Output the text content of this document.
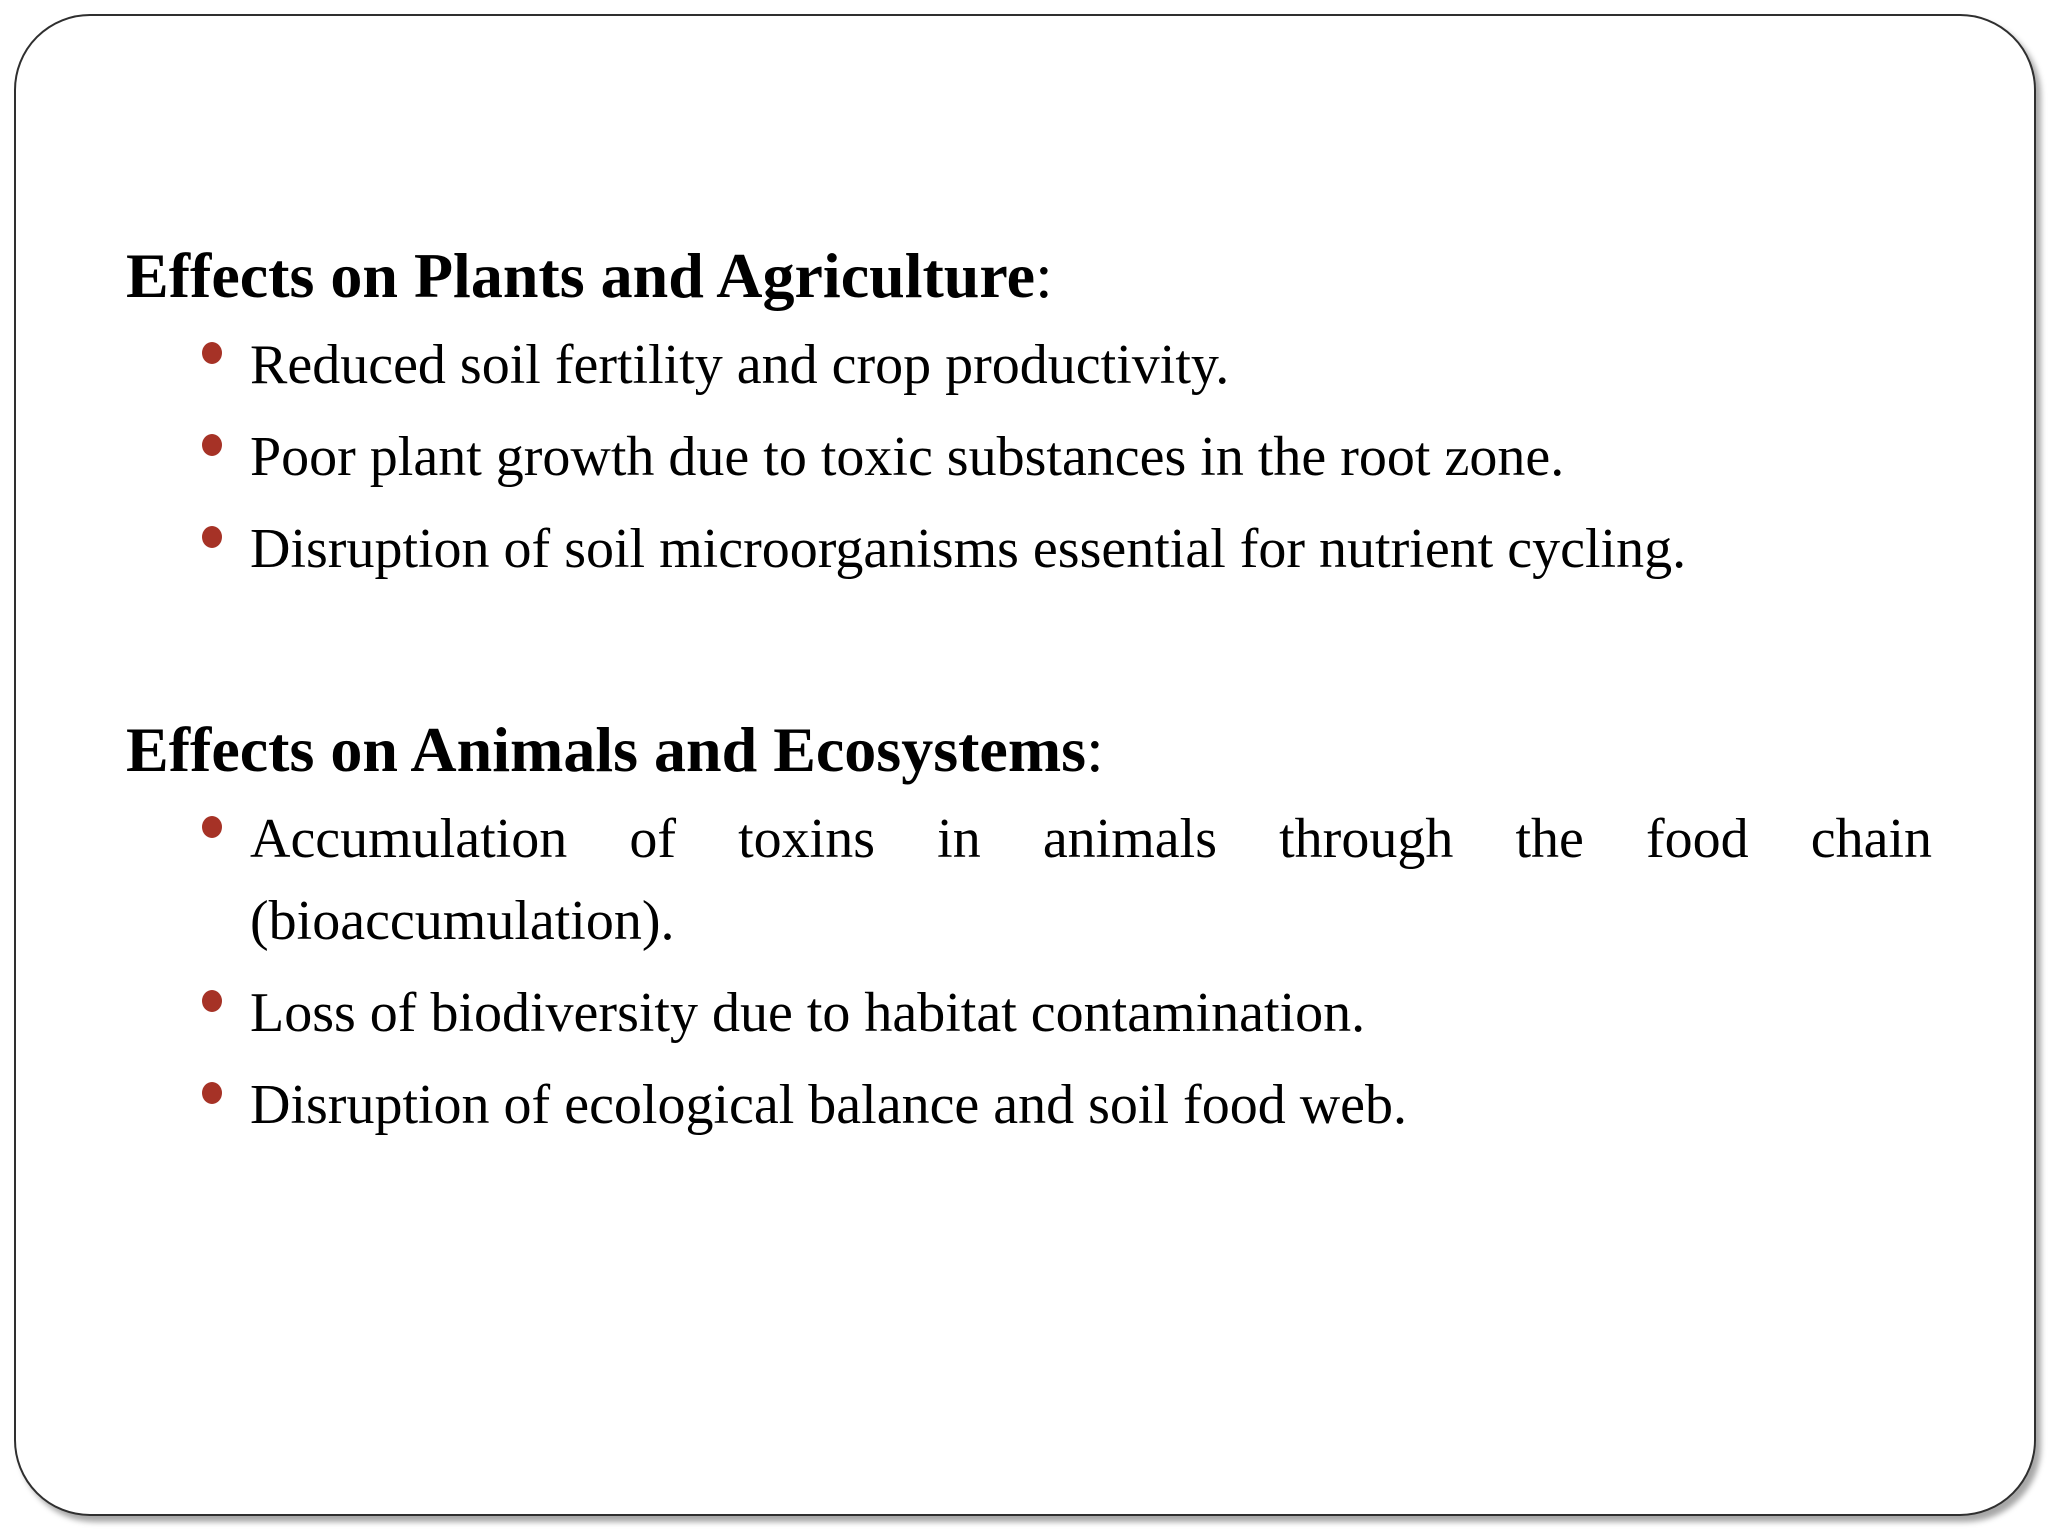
Effects on Plants and Agriculture:
Reduced soil fertility and crop productivity.
Poor plant growth due to toxic substances in the root zone.
Disruption of soil microorganisms essential for nutrient cycling.
Effects on Animals and Ecosystems:
Accumulation of toxins in animals through the food chain (bioaccumulation).
Loss of biodiversity due to habitat contamination.
Disruption of ecological balance and soil food web.
